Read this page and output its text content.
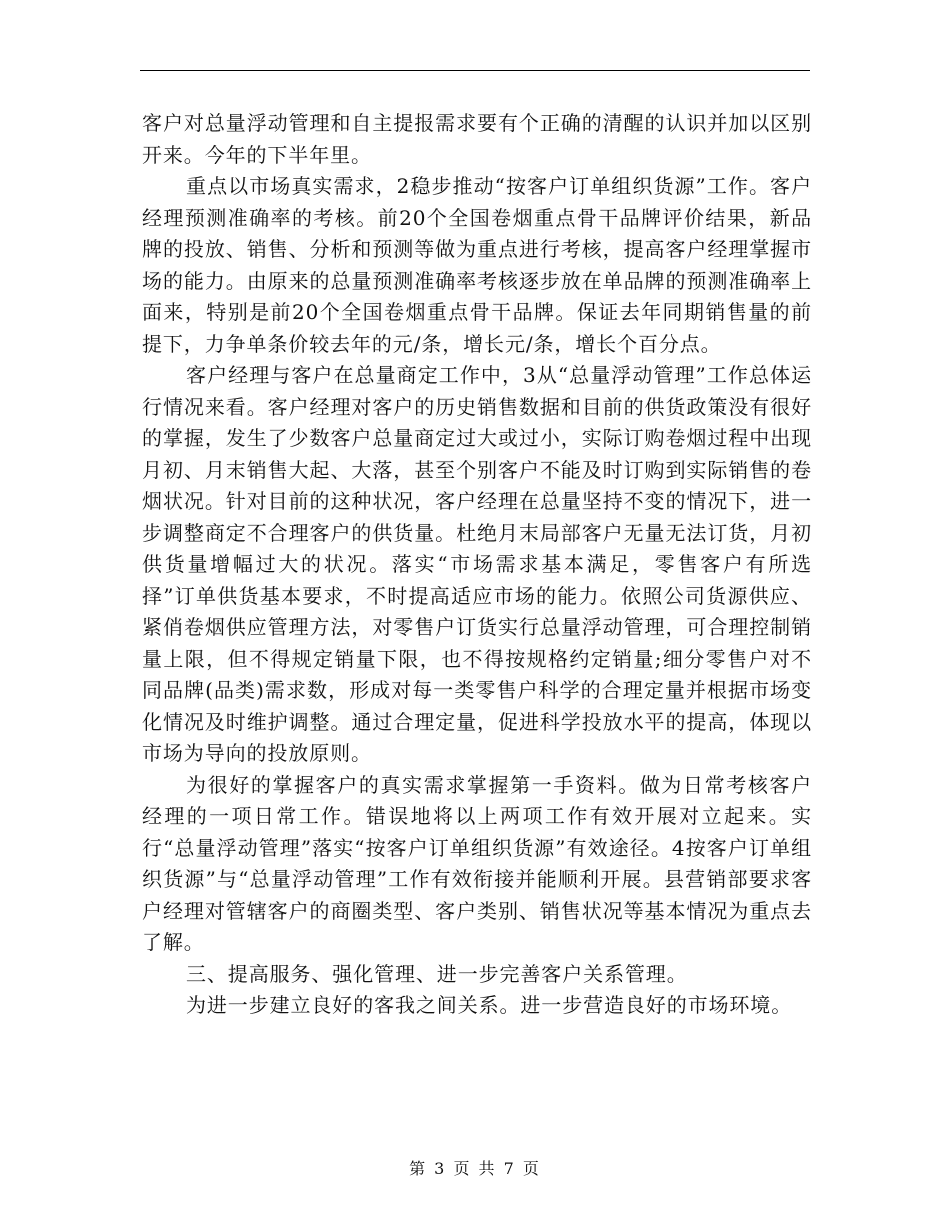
客户对总量浮动管理和自主提报需求要有个正确的清醒的认识并加以区别开来。今年的下半年里。

重点以市场真实需求，2稳步推动“按客户订单组织货源”工作。客户经理预测准确率的考核。前20个全国卷烟重点骨干品牌评价结果，新品牌的投放、销售、分析和预测等做为重点进行考核，提高客户经理掌握市场的能力。由原来的总量预测准确率考核逐步放在单品牌的预测准确率上面来，特别是前20个全国卷烟重点骨干品牌。保证去年同期销售量的前提下，力争单条价较去年的元/条，增长元/条，增长个百分点。

客户经理与客户在总量商定工作中，3从“总量浮动管理”工作总体运行情况来看。客户经理对客户的历史销售数据和目前的供货政策没有很好的掌握，发生了少数客户总量商定过大或过小，实际订购卷烟过程中出现月初、月末销售大起、大落，甚至个别客户不能及时订购到实际销售的卷烟状况。针对目前的这种状况，客户经理在总量坚持不变的情况下，进一步调整商定不合理客户的供货量。杜绝月末局部客户无量无法订货，月初供货量增幅过大的状况。落实“市场需求基本满足，零售客户有所选择”订单供货基本要求，不时提高适应市场的能力。依照公司货源供应、紧俏卷烟供应管理方法，对零售户订货实行总量浮动管理，可合理控制销量上限，但不得规定销量下限，也不得按规格约定销量;细分零售户对不同品牌(品类)需求数，形成对每一类零售户科学的合理定量并根据市场变化情况及时维护调整。通过合理定量，促进科学投放水平的提高，体现以市场为导向的投放原则。

为很好的掌握客户的真实需求掌握第一手资料。做为日常考核客户经理的一项日常工作。错误地将以上两项工作有效开展对立起来。实行“总量浮动管理”落实“按客户订单组织货源”有效途径。4按客户订单组织货源”与“总量浮动管理”工作有效衔接并能顺利开展。县营销部要求客户经理对管辖客户的商圈类型、客户类别、销售状况等基本情况为重点去了解。

三、提高服务、强化管理、进一步完善客户关系管理。

为进一步建立良好的客我之间关系。进一步营造良好的市场环境。

第 3 页 共 7 页
